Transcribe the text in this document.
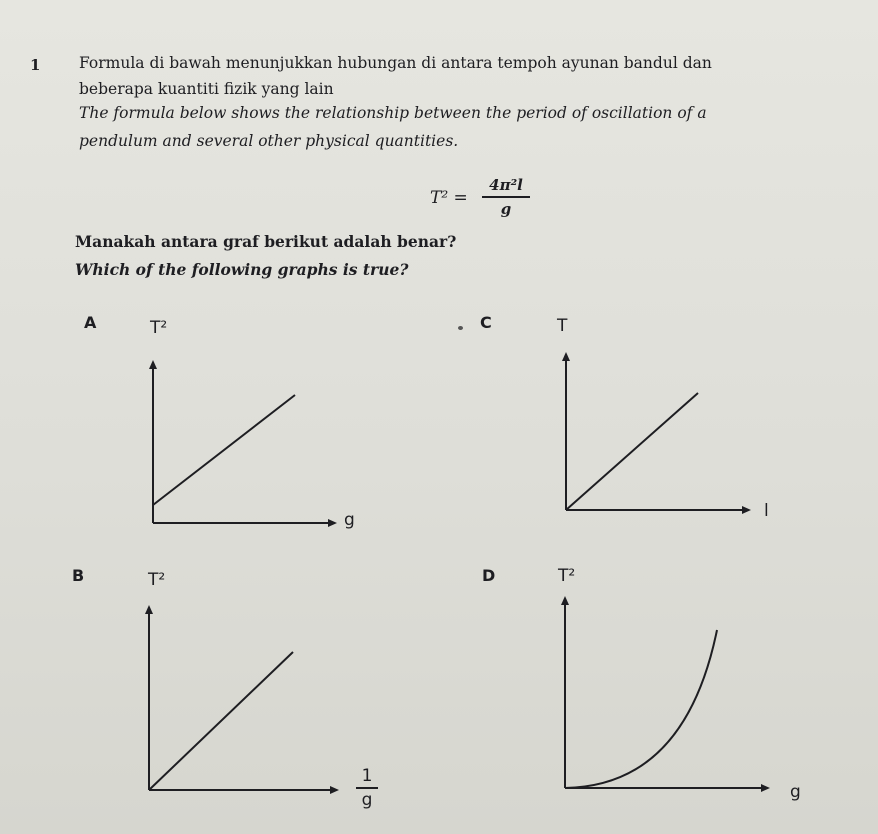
1 Formula di bawah menunjukkan hubungan di antara tempoh ayunan bandul dan
beberapa kuantiti fizik yang lain
The formula below shows the relationship between the period of oscillation of a
pendulum and several other physical quantities.
T² =
4π²l
g
Manakah antara graf berikut adalah benar?
Which of the following graphs is true?
A	T²
g
C	T
l
B	T²
1
g
D	T²
g
